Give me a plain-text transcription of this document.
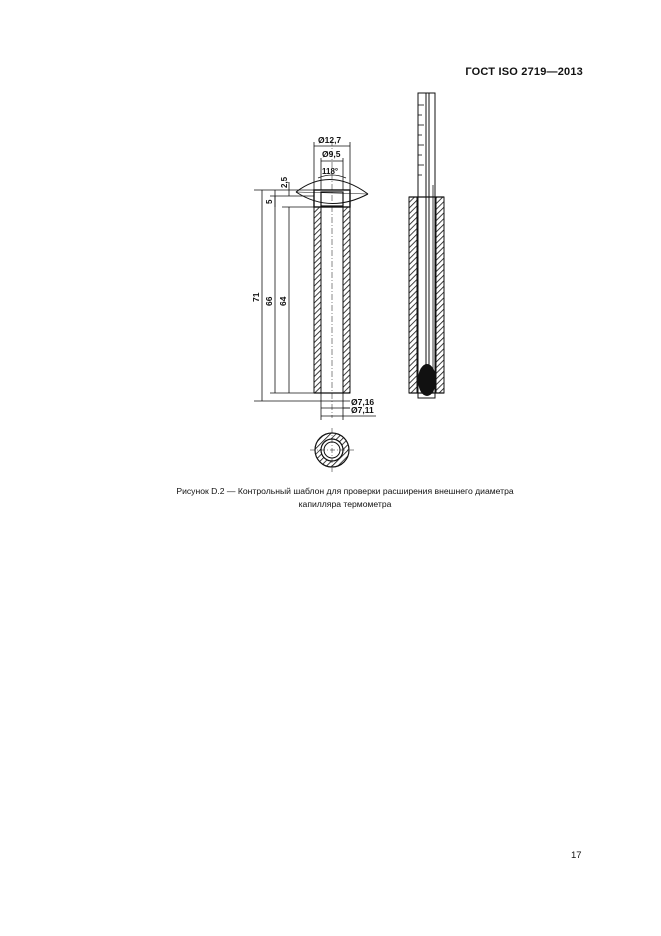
ГОСТ ISO 2719—2013
Ø12,7
Ø9,5
118°
2,5
5
71 66 64
Ø7,16
Ø7,11
Рисунок D.2 — Контрольный шаблон для проверки расширения внешнего диаметра
капилляра термометра
17
